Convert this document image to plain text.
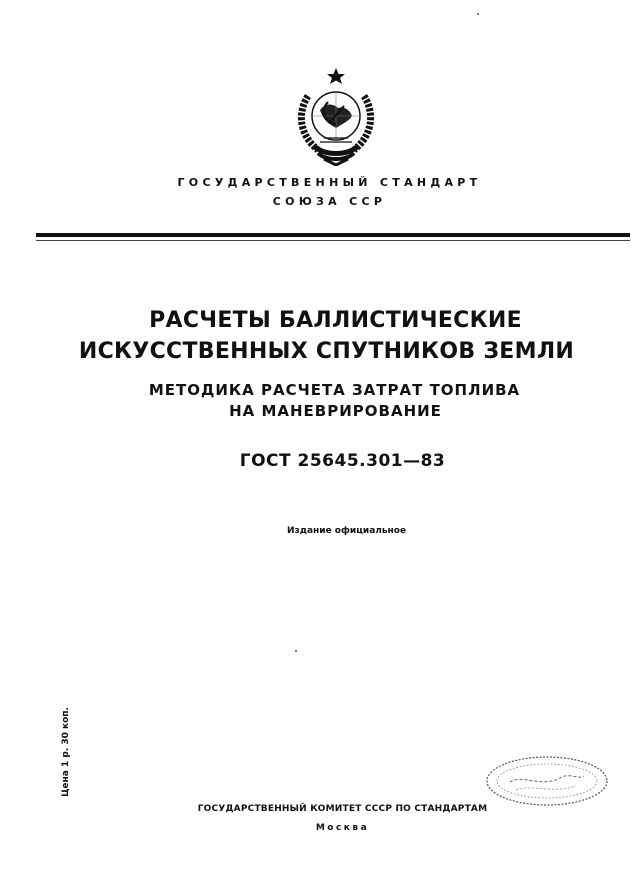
ГОСУДАРСТВЕННЫЙ СТАНДАРТ
СОЮЗА ССР
РАСЧЕТЫ БАЛЛИСТИЧЕСКИЕ
ИСКУССТВЕННЫХ СПУТНИКОВ ЗЕМЛИ
МЕТОДИКА РАСЧЕТА ЗАТРАТ ТОПЛИВА
НА МАНЕВРИРОВАНИЕ
ГОСТ 25645.301—83
Издание официальное
Цена 1 р. 30 коп.
ГОСУДАРСТВЕННЫЙ КОМИТЕТ СССР ПО СТАНДАРТАМ
Москва
